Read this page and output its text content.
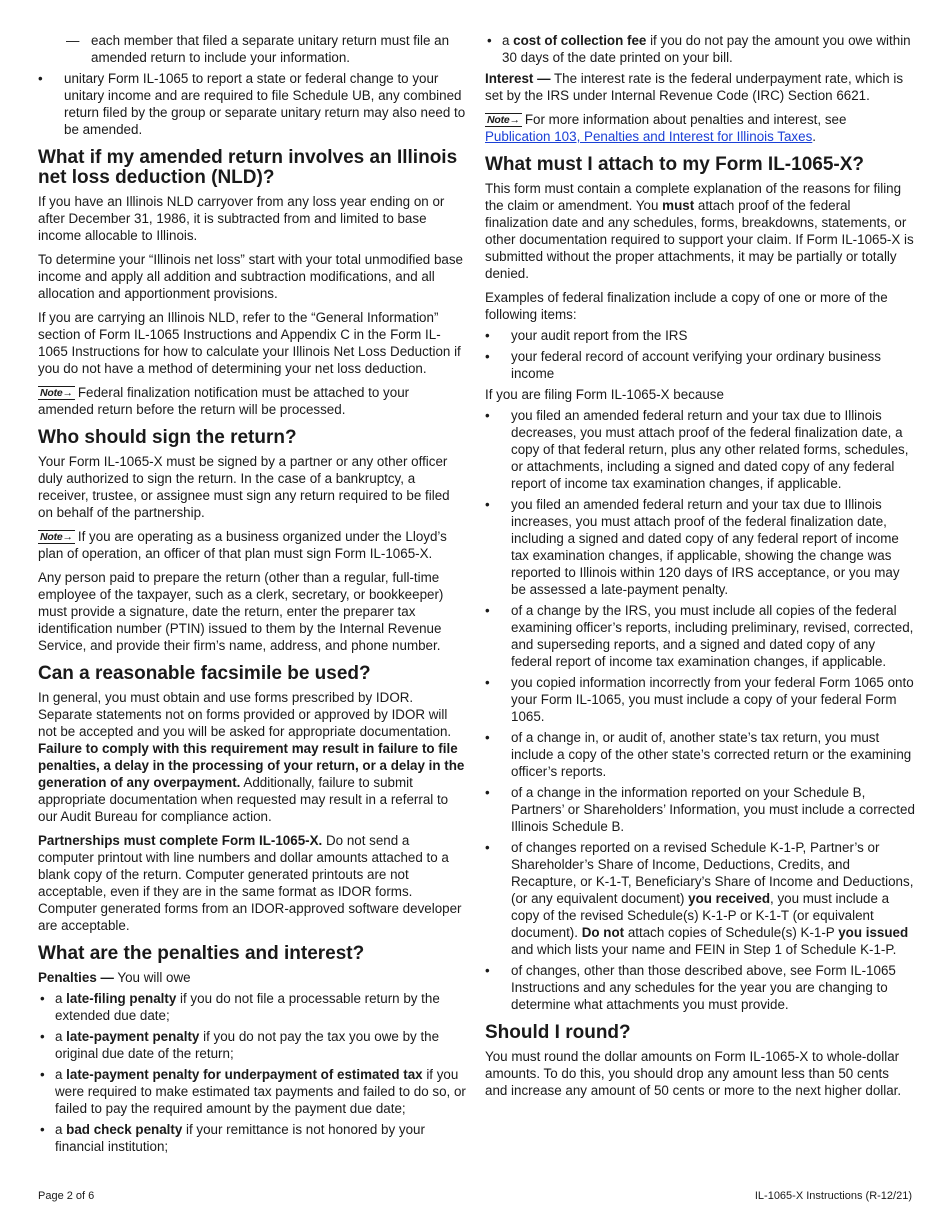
— each member that filed a separate unitary return must file an amended return to include your information.
• unitary Form IL-1065 to report a state or federal change to your unitary income and are required to file Schedule UB, any combined return filed by the group or separate unitary return may also need to be amended.
What if my amended return involves an Illinois net loss deduction (NLD)?

If you have an Illinois NLD carryover from any loss year ending on or after December 31, 1986, it is subtracted from and limited to base income allocable to Illinois.

To determine your “Illinois net loss” start with your total unmodified base income and apply all addition and subtraction modifications, and all allocation and apportionment provisions.

If you are carrying an Illinois NLD, refer to the “General Information” section of Form IL-1065 Instructions and Appendix C in the Form IL-1065 Instructions for how to calculate your Illinois Net Loss Deduction if you do not have a method of determining your net loss deduction.

Note→ Federal finalization notification must be attached to your amended return before the return will be processed.

Who should sign the return?

Your Form IL-1065-X must be signed by a partner or any other officer duly authorized to sign the return. In the case of a bankruptcy, a receiver, trustee, or assignee must sign any return required to be filed on behalf of the partnership.

Note→ If you are operating as a business organized under the Lloyd’s plan of operation, an officer of that plan must sign Form IL-1065-X.

Any person paid to prepare the return (other than a regular, full-time employee of the taxpayer, such as a clerk, secretary, or bookkeeper) must provide a signature, date the return, enter the preparer tax identification number (PTIN) issued to them by the Internal Revenue Service, and provide their firm’s name, address, and phone number.

Can a reasonable facsimile be used?

In general, you must obtain and use forms prescribed by IDOR. Separate statements not on forms provided or approved by IDOR will not be accepted and you will be asked for appropriate documentation. Failure to comply with this requirement may result in failure to file penalties, a delay in the processing of your return, or a delay in the generation of any overpayment. Additionally, failure to submit appropriate documentation when requested may result in a referral to our Audit Bureau for compliance action.

Partnerships must complete Form IL-1065-X. Do not send a computer printout with line numbers and dollar amounts attached to a blank copy of the return. Computer generated printouts are not acceptable, even if they are in the same format as IDOR forms. Computer generated forms from an IDOR-approved software developer are acceptable.

What are the penalties and interest?

Penalties — You will owe

• a late-filing penalty if you do not file a processable return by the extended due date;
• a late-payment penalty if you do not pay the tax you owe by the original due date of the return;
• a late-payment penalty for underpayment of estimated tax if you were required to make estimated tax payments and failed to do so, or failed to pay the required amount by the payment due date;
• a bad check penalty if your remittance is not honored by your financial institution;
• a cost of collection fee if you do not pay the amount you owe within 30 days of the date printed on your bill.

Interest — The interest rate is the federal underpayment rate, which is set by the IRS under Internal Revenue Code (IRC) Section 6621.

Note→ For more information about penalties and interest, see Publication 103, Penalties and Interest for Illinois Taxes.

What must I attach to my Form IL-1065-X?

This form must contain a complete explanation of the reasons for filing the claim or amendment. You must attach proof of the federal finalization date and any schedules, forms, breakdowns, statements, or other documentation required to support your claim. If Form IL-1065-X is submitted without the proper attachments, it may be partially or totally denied.

Examples of federal finalization include a copy of one or more of the following items:

• your audit report from the IRS
• your federal record of account verifying your ordinary business income

If you are filing Form IL-1065-X because

• you filed an amended federal return and your tax due to Illinois decreases, you must attach proof of the federal finalization date, a copy of that federal return, plus any other related forms, schedules, or attachments, including a signed and dated copy of any federal report of income tax examination changes, if applicable.
• you filed an amended federal return and your tax due to Illinois increases, you must attach proof of the federal finalization date, including a signed and dated copy of any federal report of income tax examination changes, if applicable, showing the change was reported to Illinois within 120 days of IRS acceptance, or you may be assessed a late-payment penalty.
• of a change by the IRS, you must include all copies of the federal examining officer’s reports, including preliminary, revised, corrected, and superseding reports, and a signed and dated copy of any federal report of income tax examination changes, if applicable.
• you copied information incorrectly from your federal Form 1065 onto your Form IL-1065, you must include a copy of your federal Form 1065.
• of a change in, or audit of, another state’s tax return, you must include a copy of the other state’s corrected return or the examining officer’s reports.
• of a change in the information reported on your Schedule B, Partners’ or Shareholders’ Information, you must include a corrected Illinois Schedule B.
• of changes reported on a revised Schedule K-1-P, Partner’s or Shareholder’s Share of Income, Deductions, Credits, and Recapture, or K-1-T, Beneficiary’s Share of Income and Deductions, (or any equivalent document) you received, you must include a copy of the revised Schedule(s) K-1-P or K-1-T (or equivalent document). Do not attach copies of Schedule(s) K-1-P you issued and which lists your name and FEIN in Step 1 of Schedule K-1-P.
• of changes, other than those described above, see Form IL-1065 Instructions and any schedules for the year you are changing to determine what attachments you must provide.
Should I round?

You must round the dollar amounts on Form IL-1065-X to whole-dollar amounts. To do this, you should drop any amount less than 50 cents and increase any amount of 50 cents or more to the next higher dollar.

Page 2 of 6	IL-1065-X Instructions (R-12/21)
